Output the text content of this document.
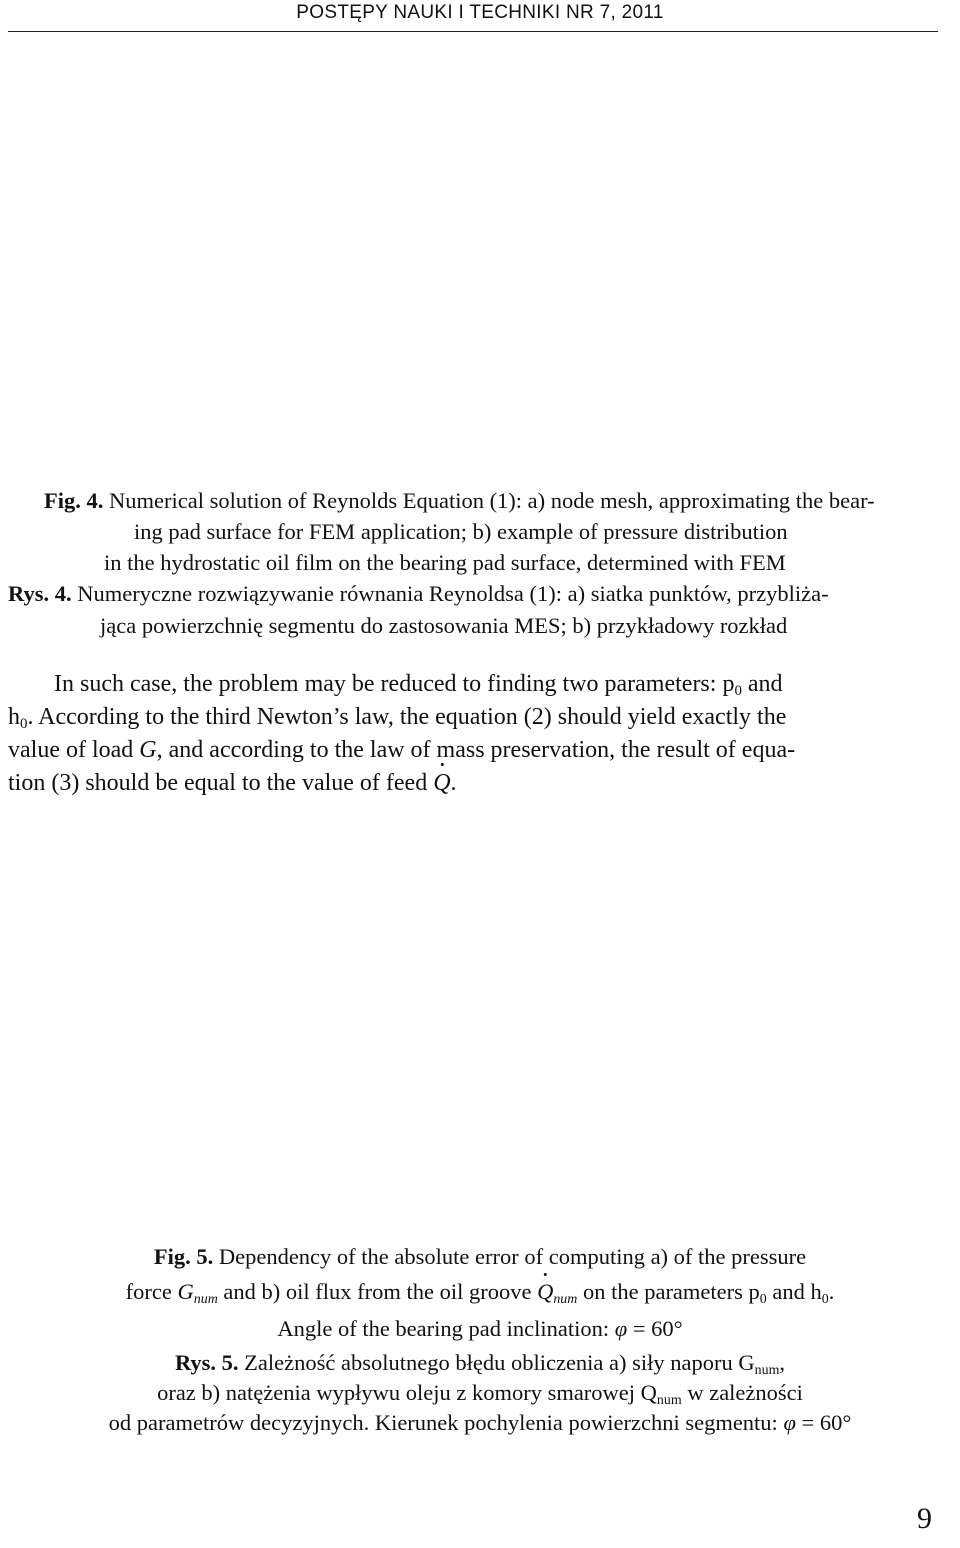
POSTĘPY NAUKI I TECHNIKI NR 7, 2011
Fig. 4. Numerical solution of Reynolds Equation (1): a) node mesh, approximating the bear-
ing pad surface for FEM application; b) example of pressure distribution
in the hydrostatic oil film on the bearing pad surface, determined with FEM
Rys. 4. Numeryczne rozwiązywanie równania Reynoldsa (1): a) siatka punktów, przybliża-
jąca powierzchnię segmentu do zastosowania MES; b) przykładowy rozkład
In such case, the problem may be reduced to finding two parameters: $p_0$ and
$h_0$. According to the third Newton’s law, the equation (2) should yield exactly the
value of load G, and according to the law of mass preservation, the result of equa-
tion (3) should be equal to the value of feed Q.
Fig. 5. Dependency of the absolute error of computing a) of the pressure
force $G_{num}$ and b) oil flux from the oil groove $Q_{num}$ on the parameters $p_0$ and $h_0$.
Angle of the bearing pad inclination: φ = 60°
Rys. 5. Zależność absolutnego błędu obliczenia a) siły naporu $G_{num}$,
oraz b) natężenia wypływu oleju z komory smarowej $Q_{num}$ w zależności
od parametrów decyzyjnych. Kierunek pochylenia powierzchni segmentu: φ = 60°
9
